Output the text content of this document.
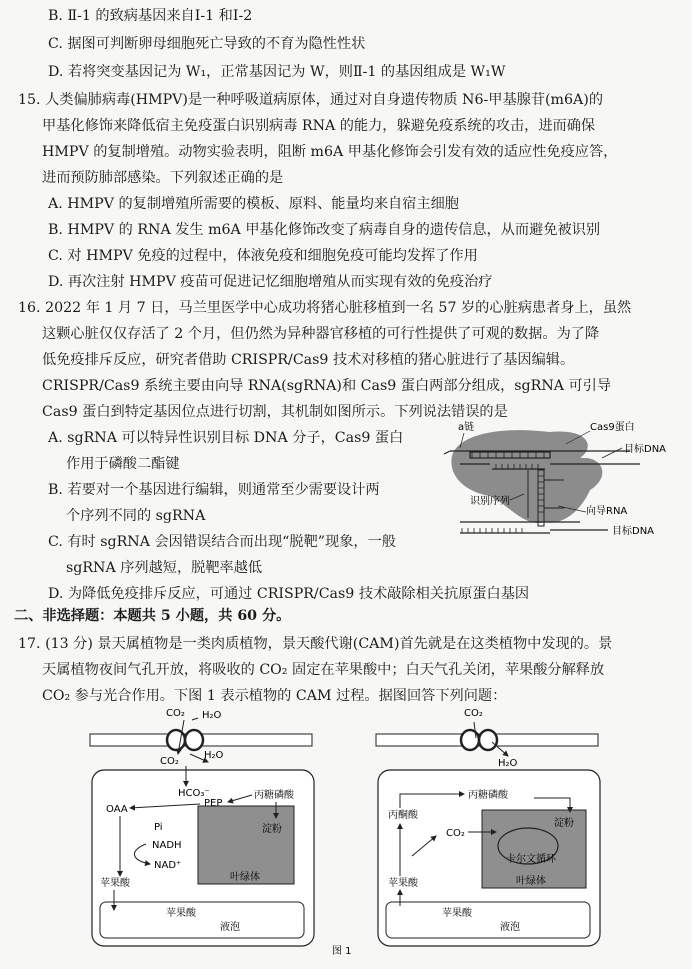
B. Ⅱ-1 的致病基因来自Ⅰ-1 和Ⅰ-2
C. 据图可判断卵母细胞死亡导致的不育为隐性性状
D. 若将突变基因记为 W₁，正常基因记为 W，则Ⅱ-1 的基因组成是 W₁W
15. 人类偏肺病毒(HMPV)是一种呼吸道病原体，通过对自身遗传物质 N6-甲基腺苷(m6A)的
甲基化修饰来降低宿主免疫蛋白识别病毒 RNA 的能力，躲避免疫系统的攻击，进而确保
HMPV 的复制增殖。动物实验表明，阻断 m6A 甲基化修饰会引发有效的适应性免疫应答，
进而预防肺部感染。下列叙述正确的是
A. HMPV 的复制增殖所需要的模板、原料、能量均来自宿主细胞
B. HMPV 的 RNA 发生 m6A 甲基化修饰改变了病毒自身的遗传信息，从而避免被识别
C. 对 HMPV 免疫的过程中，体液免疫和细胞免疫可能均发挥了作用
D. 再次注射 HMPV 疫苗可促进记忆细胞增殖从而实现有效的免疫治疗
16. 2022 年 1 月 7 日，马兰里医学中心成功将猪心脏移植到一名 57 岁的心脏病患者身上，虽然
这颗心脏仅仅存活了 2 个月，但仍然为异种器官移植的可行性提供了可观的数据。为了降
低免疫排斥反应，研究者借助 CRISPR/Cas9 技术对移植的猪心脏进行了基因编辑。
CRISPR/Cas9 系统主要由向导 RNA(sgRNA)和 Cas9 蛋白两部分组成，sgRNA 可引导
Cas9 蛋白到特定基因位点进行切割，其机制如图所示。下列说法错误的是
A. sgRNA 可以特异性识别目标 DNA 分子，Cas9 蛋白
作用于磷酸二酯键
B. 若要对一个基因进行编辑，则通常至少需要设计两
个序列不同的 sgRNA
C. 有时 sgRNA 会因错误结合而出现“脱靶”现象，一般
sgRNA 序列越短，脱靶率越低
D. 为降低免疫排斥反应，可通过 CRISPR/Cas9 技术敲除相关抗原蛋白基因
a链	Cas9蛋白
目标DNA
识别序列
向导RNA
目标DNA
二、非选择题：本题共 5 小题，共 60 分。
17. (13 分) 景天属植物是一类肉质植物，景天酸代谢(CAM)首先就是在这类植物中发现的。景
天属植物夜间气孔开放，将吸收的 CO₂ 固定在苹果酸中；白天气孔关闭，苹果酸分解释放
CO₂ 参与光合作用。下图 1 表示植物的 CAM 过程。据图回答下列问题：
CO₂ H₂O
CO₂
H₂O
HCO₃⁻
PEP
丙糖磷酸
OAA
Pi
NADH
NAD⁺
淀粉
苹果酸
叶绿体
苹果酸
液泡
CO₂
H₂O
丙糖磷酸
丙酮酸
CO₂
淀粉
卡尔文循环
叶绿体
苹果酸
苹果酸
液泡
图 1
